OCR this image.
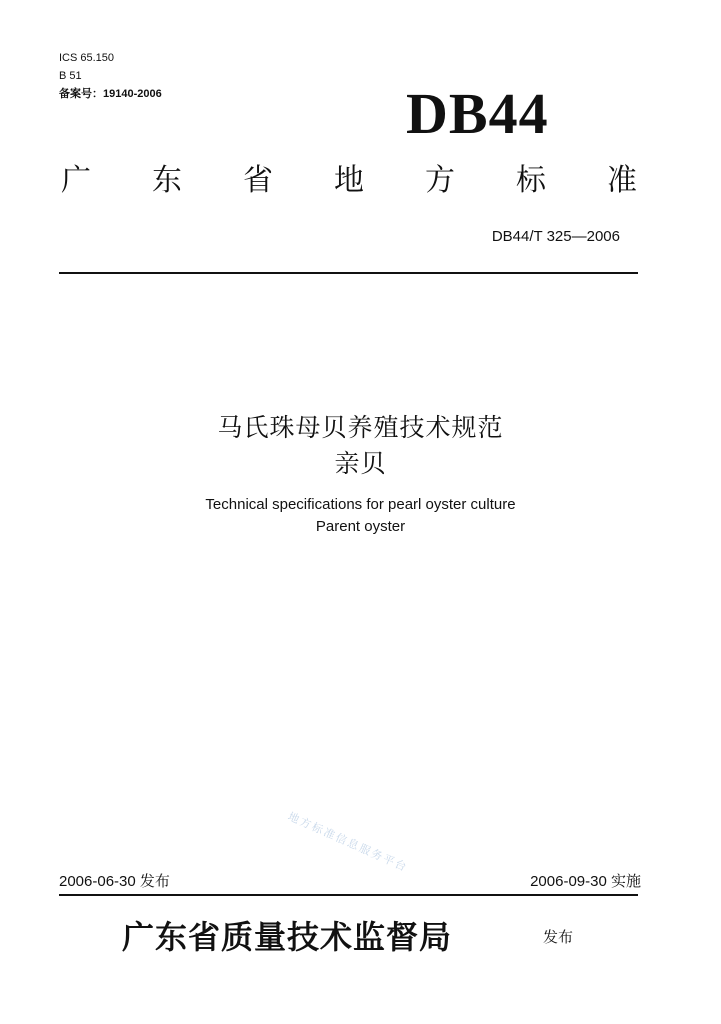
ICS 65.150
B 51
备案号：19140-2006	DB44
广 东 省 地 方 标 准
DB44/T 325—2006
马氏珠母贝养殖技术规范
亲贝
Technical specifications for pearl oyster culture
Parent oyster
地方标准信息服务平台
2006-06-30 发布	2006-09-30 实施
广东省质量技术监督局	发布
